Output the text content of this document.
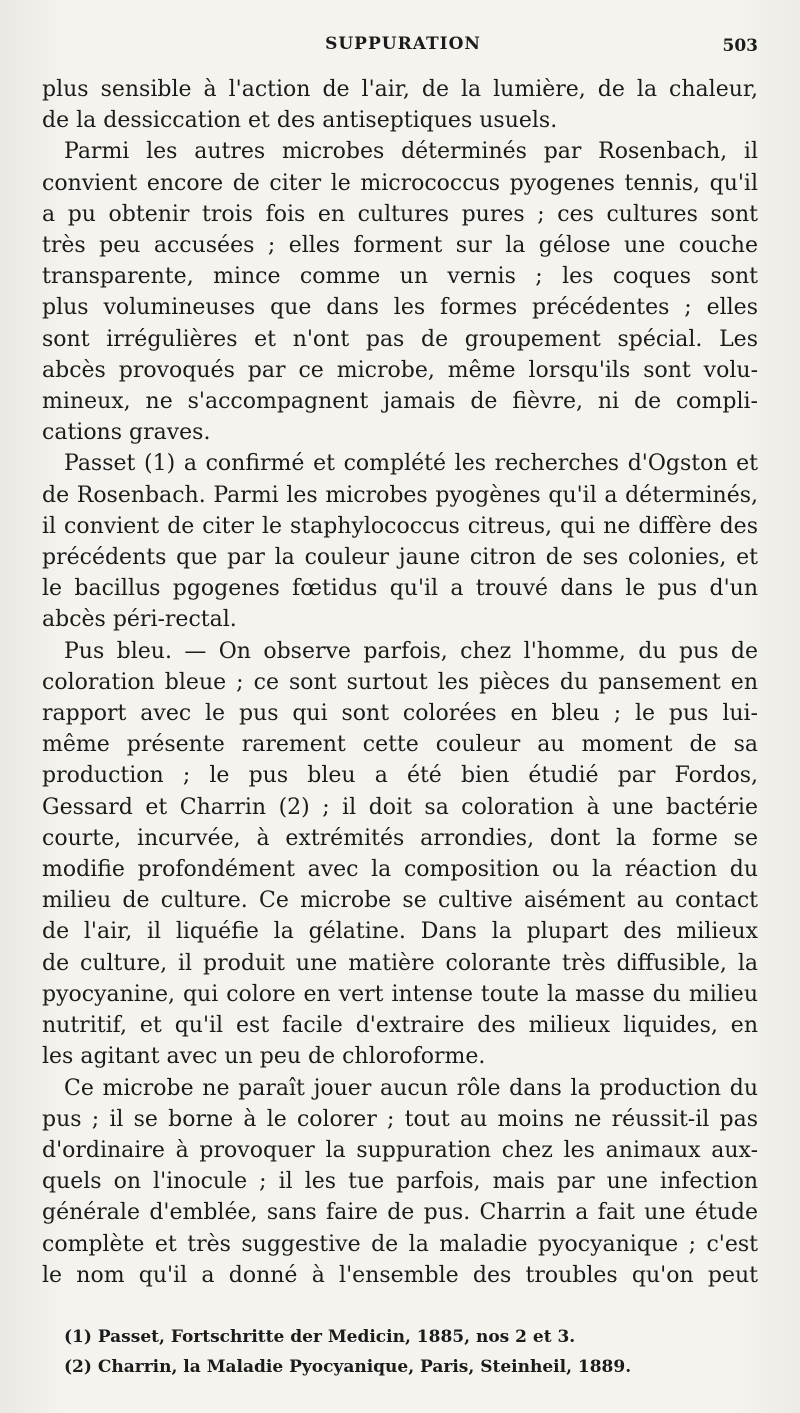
SUPPURATION	503

plus sensible à l'action de l'air, de la lumière, de la chaleur,
de la dessiccation et des antiseptiques usuels.

Parmi les autres microbes déterminés par Rosenbach, il
convient encore de citer le micrococcus pyogenes tennis, qu'il
a pu obtenir trois fois en cultures pures ; ces cultures sont
très peu accusées ; elles forment sur la gélose une couche
transparente, mince comme un vernis ; les coques sont
plus volumineuses que dans les formes précédentes ; elles
sont irrégulières et n'ont pas de groupement spécial. Les
abcès provoqués par ce microbe, même lorsqu'ils sont volu-
mineux, ne s'accompagnent jamais de fièvre, ni de compli-
cations graves.

Passet (1) a confirmé et complété les recherches d'Ogston et
de Rosenbach. Parmi les microbes pyogènes qu'il a déterminés,
il convient de citer le staphylococcus citreus, qui ne diffère des
précédents que par la couleur jaune citron de ses colonies, et
le bacillus pgogenes fœtidus qu'il a trouvé dans le pus d'un
abcès péri-rectal.

Pus bleu. — On observe parfois, chez l'homme, du pus de
coloration bleue ; ce sont surtout les pièces du pansement en
rapport avec le pus qui sont colorées en bleu ; le pus lui-
même présente rarement cette couleur au moment de sa
production ; le pus bleu a été bien étudié par Fordos,
Gessard et Charrin (2) ; il doit sa coloration à une bactérie
courte, incurvée, à extrémités arrondies, dont la forme se
modifie profondément avec la composition ou la réaction du
milieu de culture. Ce microbe se cultive aisément au contact
de l'air, il liquéfie la gélatine. Dans la plupart des milieux
de culture, il produit une matière colorante très diffusible, la
pyocyanine, qui colore en vert intense toute la masse du milieu
nutritif, et qu'il est facile d'extraire des milieux liquides, en
les agitant avec un peu de chloroforme.

Ce microbe ne paraît jouer aucun rôle dans la production du
pus ; il se borne à le colorer ; tout au moins ne réussit-il pas
d'ordinaire à provoquer la suppuration chez les animaux aux-
quels on l'inocule ; il les tue parfois, mais par une infection
générale d'emblée, sans faire de pus. Charrin a fait une étude
complète et très suggestive de la maladie pyocyanique ; c'est
le nom qu'il a donné à l'ensemble des troubles qu'on peut

(1) Passet, Fortschritte der Medicin, 1885, nos 2 et 3.
(2) Charrin, la Maladie Pyocyanique, Paris, Steinheil, 1889.
